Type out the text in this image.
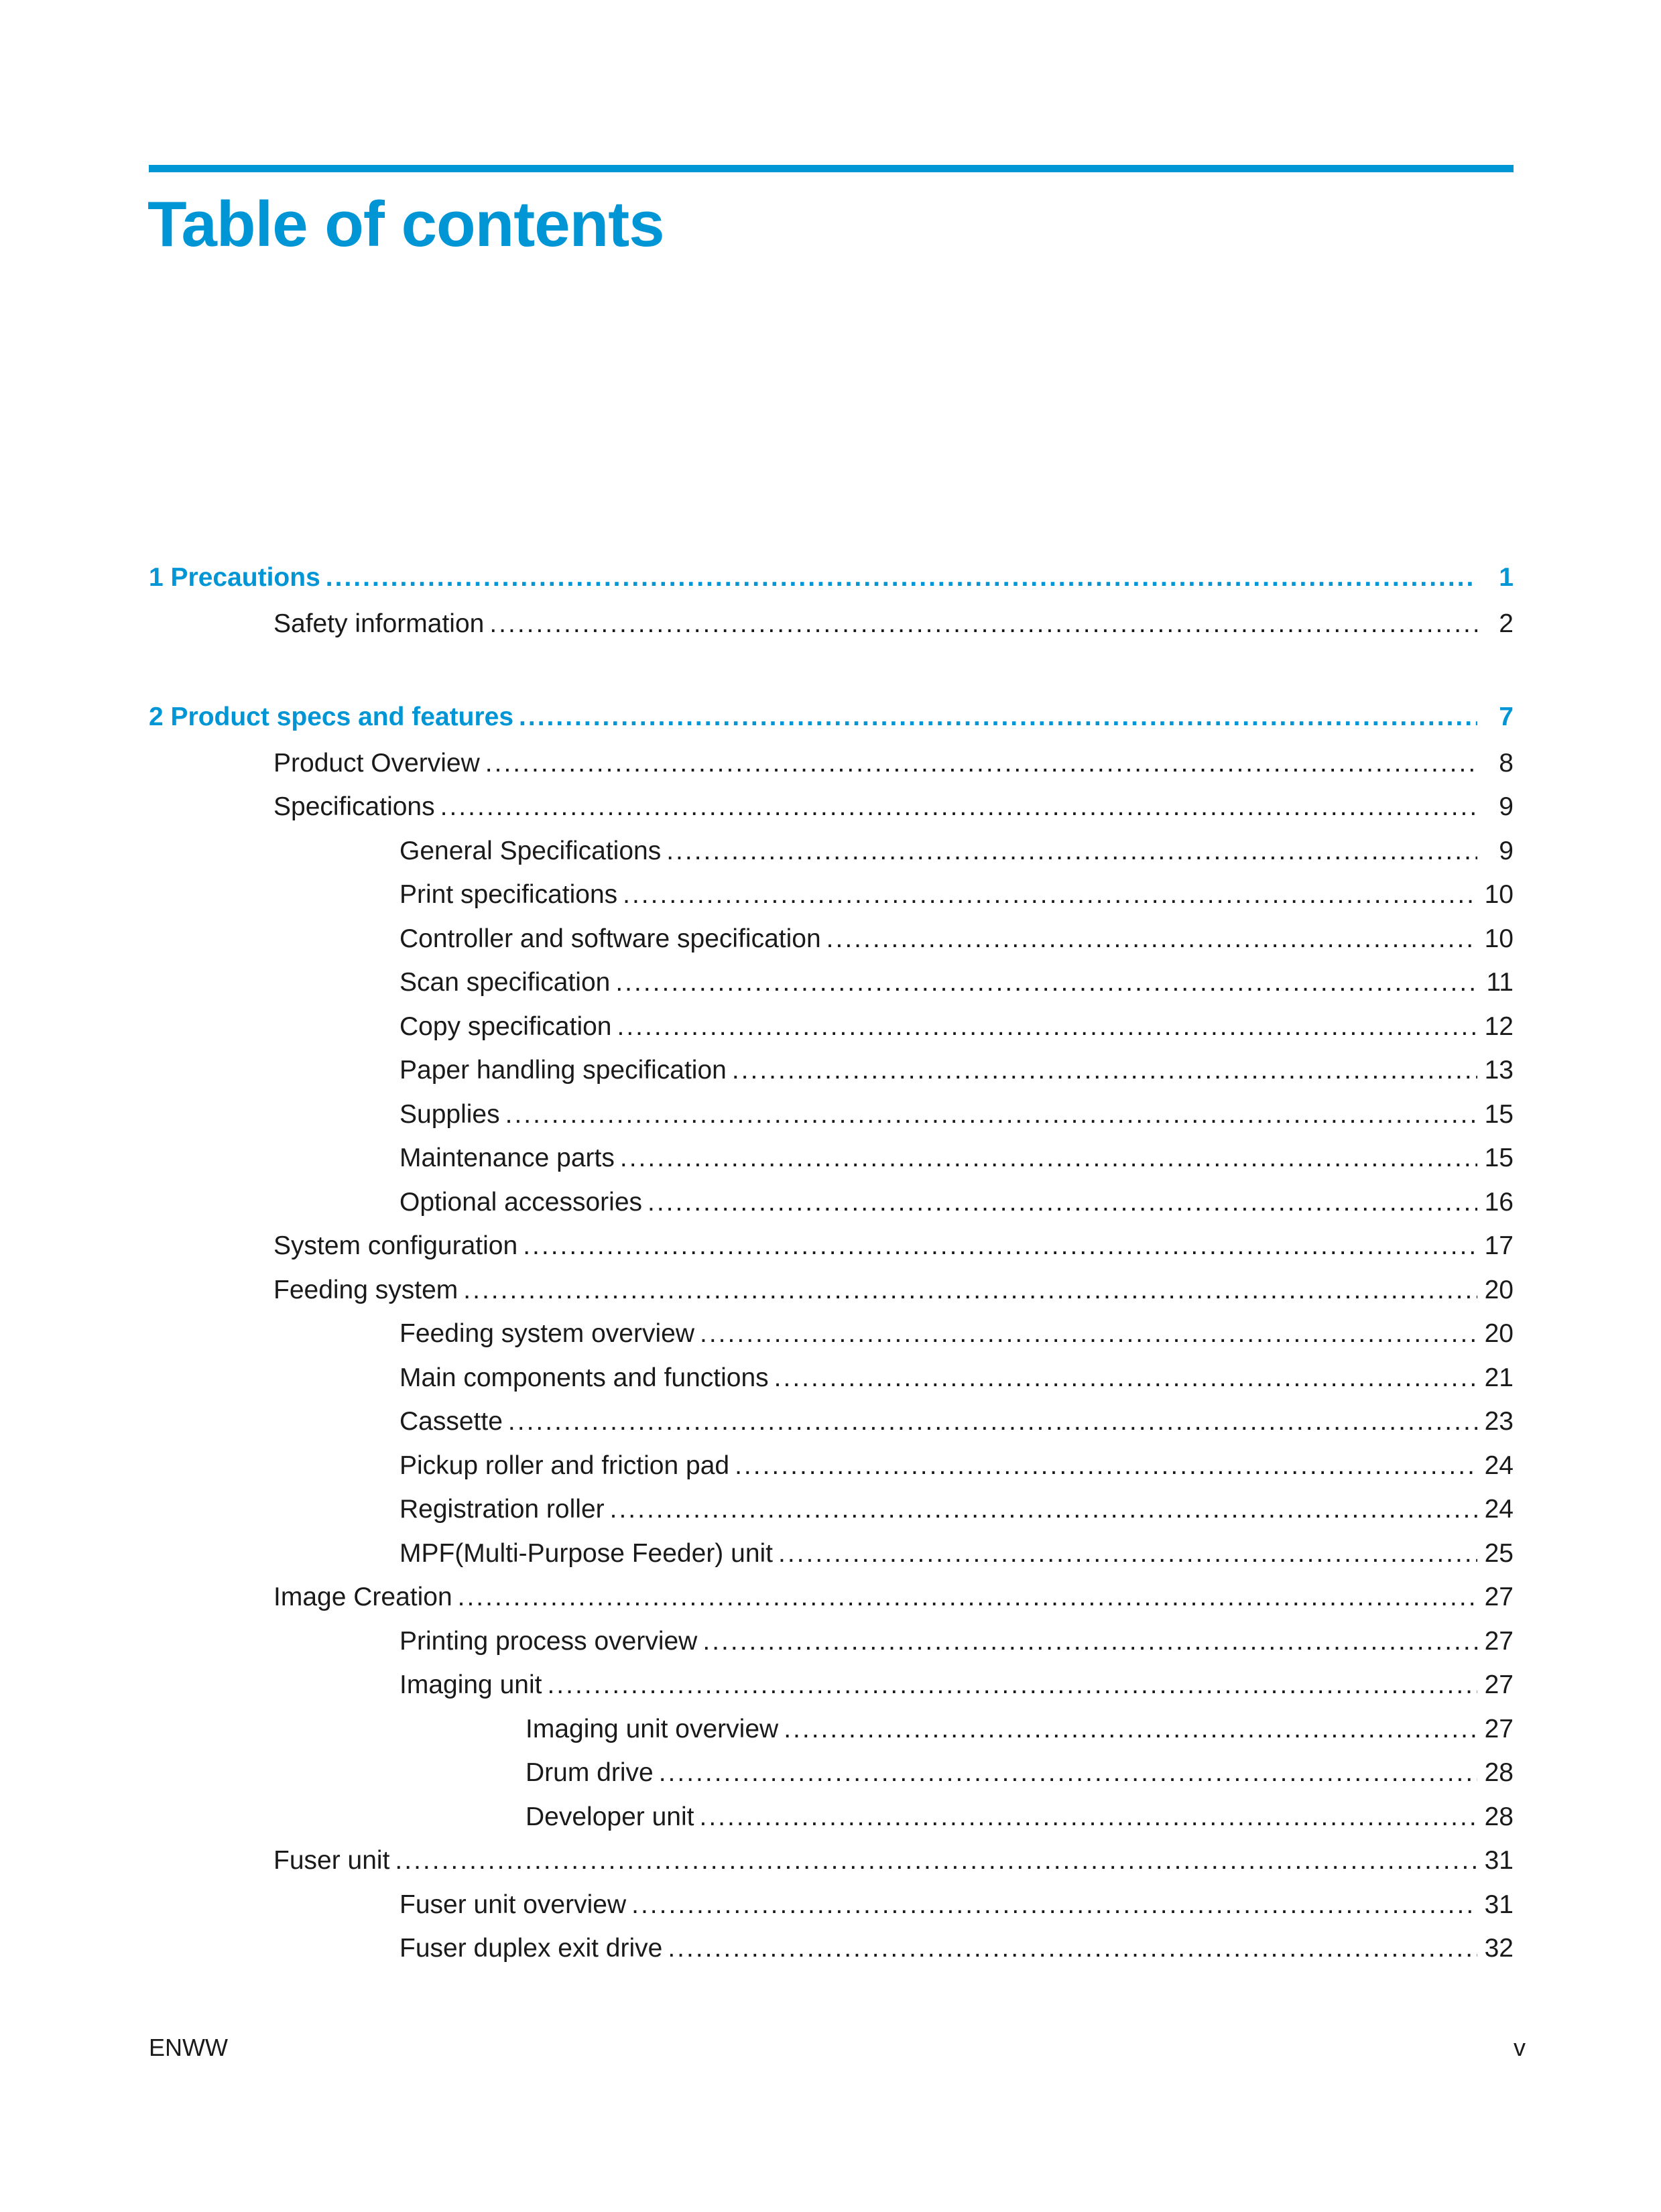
Table of contents
1 Precautions .....	1
Safety information .....	2
2 Product specs and features .....	7
Product Overview .....	8
Specifications .....	9
General Specifications .....	9
Print specifications .....	10
Controller and software specification .....	10
Scan specification .....	11
Copy specification .....	12
Paper handling specification .....	13
Supplies .....	15
Maintenance parts .....	15
Optional accessories .....	16
System configuration .....	17
Feeding system .....	20
Feeding system overview .....	20
Main components and functions .....	21
Cassette .....	23
Pickup roller and friction pad .....	24
Registration roller .....	24
MPF(Multi-Purpose Feeder) unit .....	25
Image Creation .....	27
Printing process overview .....	27
Imaging unit .....	27
Imaging unit overview .....	27
Drum drive .....	28
Developer unit .....	28
Fuser unit .....	31
Fuser unit overview .....	31
Fuser duplex exit drive .....	32
ENWW	v
